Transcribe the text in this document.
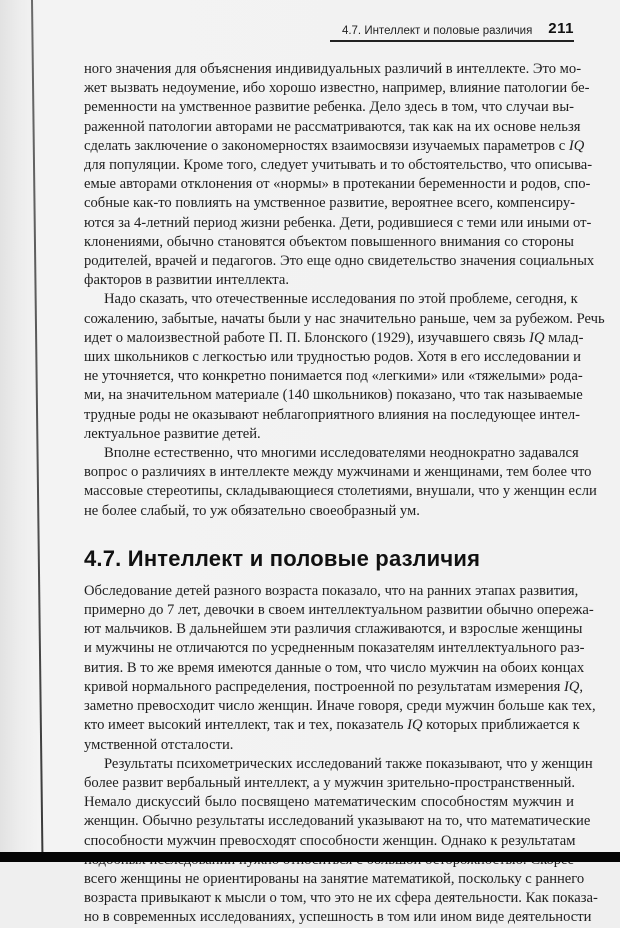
4.7. Интеллект и половые различия 211

ного значения для объяснения индивидуальных различий в интеллекте. Это мо-
жет вызвать недоумение, ибо хорошо известно, например, влияние патологии бе-
ременности на умственное развитие ребенка. Дело здесь в том, что случаи вы-
раженной патологии авторами не рассматриваются, так как на их основе нельзя
сделать заключение о закономерностях взаимосвязи изучаемых параметров с IQ
для популяции. Кроме того, следует учитывать и то обстоятельство, что описыва-
емые авторами отклонения от «нормы» в протекании беременности и родов, спо-
собные как-то повлиять на умственное развитие, вероятнее всего, компенсиру-
ются за 4-летний период жизни ребенка. Дети, родившиеся с теми или иными от-
клонениями, обычно становятся объектом повышенного внимания со стороны
родителей, врачей и педагогов. Это еще одно свидетельство значения социальных
факторов в развитии интеллекта.

Надо сказать, что отечественные исследования по этой проблеме, сегодня, к
сожалению, забытые, начаты были у нас значительно раньше, чем за рубежом. Речь
идет о малоизвестной работе П. П. Блонского (1929), изучавшего связь IQ млад-
ших школьников с легкостью или трудностью родов. Хотя в его исследовании и
не уточняется, что конкретно понимается под «легкими» или «тяжелыми» рода-
ми, на значительном материале (140 школьников) показано, что так называемые
трудные роды не оказывают неблагоприятного влияния на последующее интел-
лектуальное развитие детей.

Вполне естественно, что многими исследователями неоднократно задавался
вопрос о различиях в интеллекте между мужчинами и женщинами, тем более что
массовые стереотипы, складывающиеся столетиями, внушали, что у женщин если
не более слабый, то уж обязательно своеобразный ум.

4.7. Интеллект и половые различия

Обследование детей разного возраста показало, что на ранних этапах развития,
примерно до 7 лет, девочки в своем интеллектуальном развитии обычно опережа-
ют мальчиков. В дальнейшем эти различия сглаживаются, и взрослые женщины
и мужчины не отличаются по усредненным показателям интеллектуального раз-
вития. В то же время имеются данные о том, что число мужчин на обоих концах
кривой нормального распределения, построенной по результатам измерения IQ,
заметно превосходит число женщин. Иначе говоря, среди мужчин больше как тех,
кто имеет высокий интеллект, так и тех, показатель IQ которых приближается к
умственной отсталости.

Результаты психометрических исследований также показывают, что у женщин
более развит вербальный интеллект, а у мужчин зрительно-пространственный.
Немало дискуссий было посвящено математическим способностям мужчин и
женщин. Обычно результаты исследований указывают на то, что математические
способности мужчин превосходят способности женщин. Однако к результатам
всего женщины не ориентированы на занятие математикой, поскольку с раннего
возраста привыкают к мысли о том, что это не их сфера деятельности. Как показа-
но в современных исследованиях, успешность в том или ином виде деятельности
